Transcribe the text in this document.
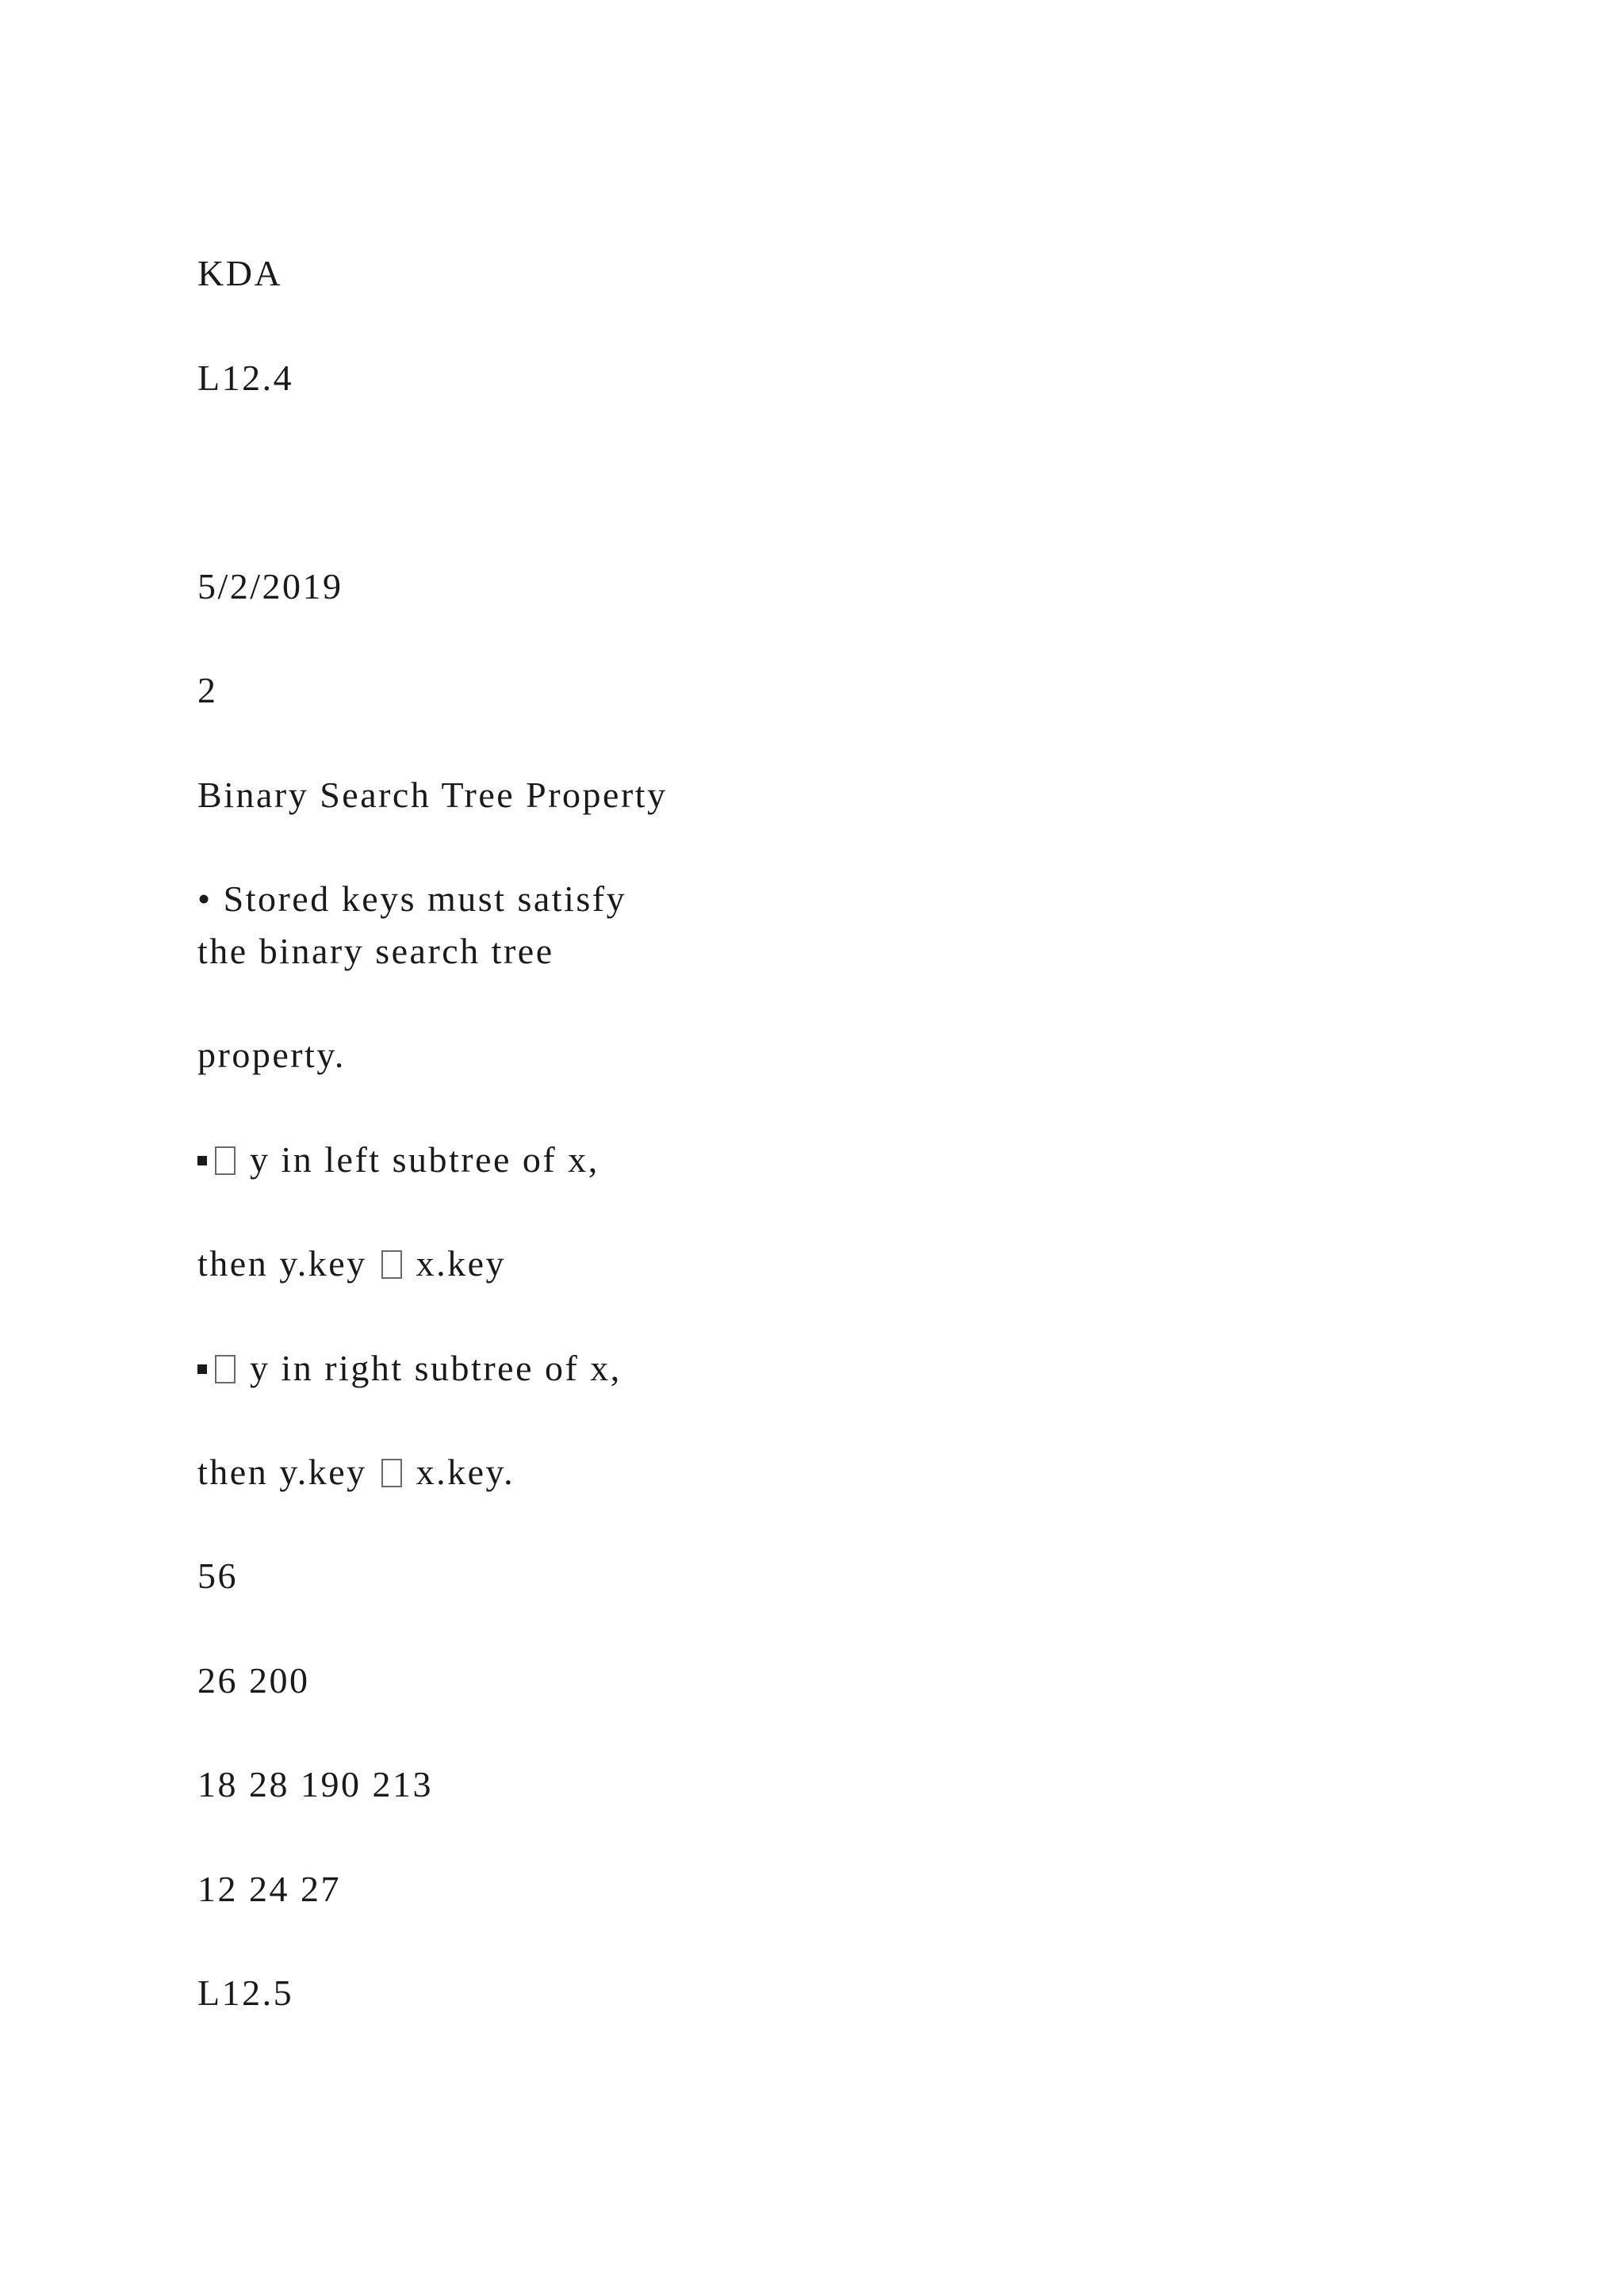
KDA

L12.4

5/2/2019

2

Binary Search Tree Property

• Stored keys must satisfy

the binary search tree

property.

y in left subtree of x,

then y.key  x.key

y in right subtree of x,

then y.key  x.key.

56

26 200

18 28 190 213

12 24 27

L12.5
